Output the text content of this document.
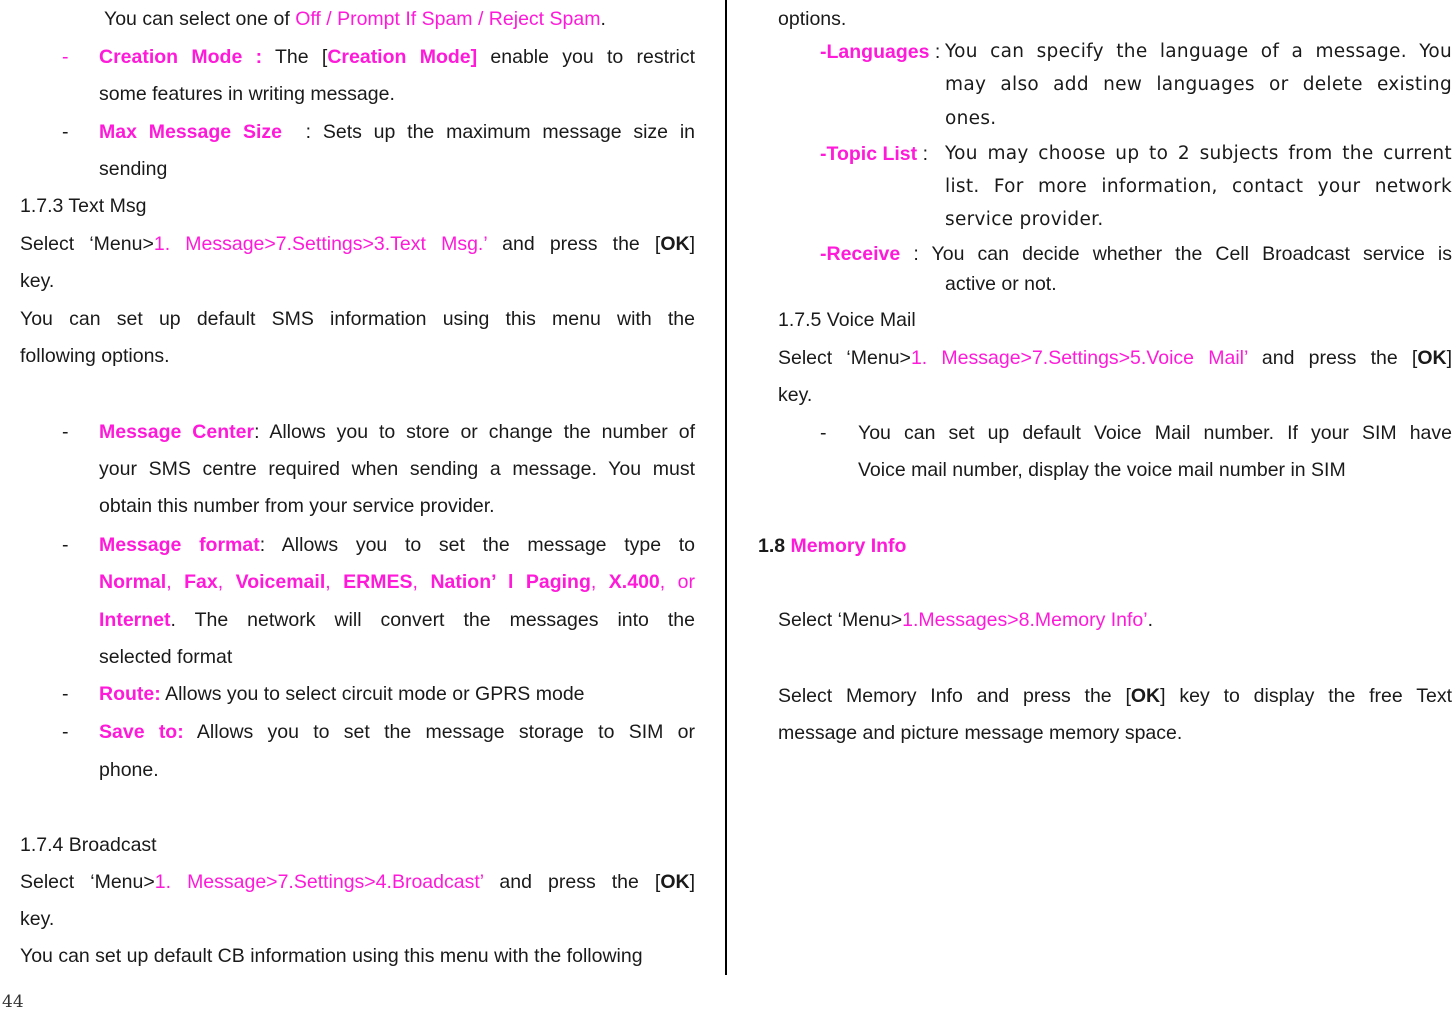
You can select one of Off / Prompt If Spam / Reject Spam.
- Creation Mode : The [Creation Mode] enable you to restrict
some features in writing message.
- Max Message Size : Sets up the maximum message size in
sending
1.7.3 Text Msg
Select ‘Menu>1. Message>7.Settings>3.Text Msg.’ and press the [OK]
key.
You can set up default SMS information using this menu with the
following options.
- Message Center: Allows you to store or change the number of
your SMS centre required when sending a message. You must
obtain this number from your service provider.
- Message format: Allows you to set the message type to
Normal, Fax, Voicemail, ERMES, Nation’ l Paging, X.400, or
Internet. The network will convert the messages into the
selected format
- Route: Allows you to select circuit mode or GPRS mode
- Save to: Allows you to set the message storage to SIM or
phone.
1.7.4 Broadcast
Select ‘Menu>1. Message>7.Settings>4.Broadcast’ and press the [OK]
key.
You can set up default CB information using this menu with the following
options.
-Languages : You can specify the language of a message. You
may also add new languages or delete existing
ones.
-Topic List : You may choose up to 2 subjects from the current
list. For more information, contact your network
service provider.
-Receive : You can decide whether the Cell Broadcast service is
active or not.
1.7.5 Voice Mail
Select ‘Menu>1. Message>7.Settings>5.Voice Mail’ and press the [OK]
key.
- You can set up default Voice Mail number. If your SIM have
Voice mail number, display the voice mail number in SIM
1.8 Memory Info
Select ‘Menu>1.Messages>8.Memory Info’.
Select Memory Info and press the [OK] key to display the free Text
message and picture message memory space.
44
